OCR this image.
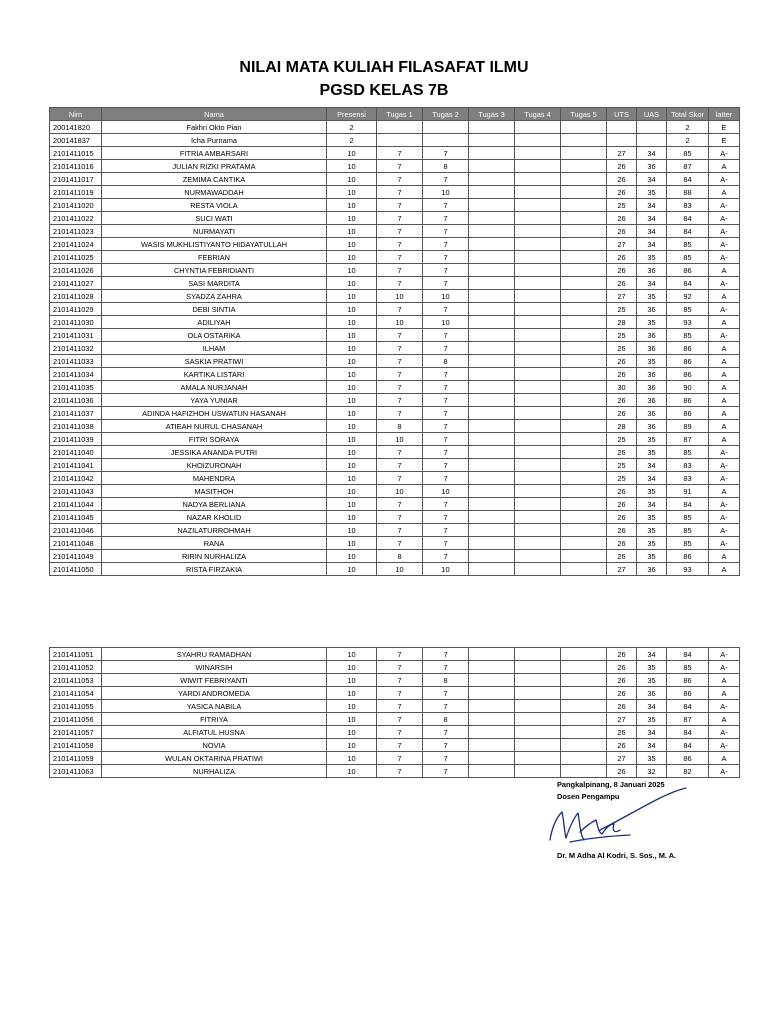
NILAI MATA KULIAH FILASAFAT ILMU
PGSD KELAS 7B
Nim	Nama	Presensi	Tugas 1	Tugas 2	Tugas 3	Tugas 4	Tugas 5	UTS	UAS	Total Skor	latter
200141820	Fakhri Okto Pian	2								2	E
200141837	Icha Purnama	2								2	E
2101411015	FITRIA AMBARSARI	10	7	7				27	34	85	A-
2101411016	JULIAN RIZKI PRATAMA	10	7	8				26	36	87	A
2101411017	ZEMIMA CANTIKA	10	7	7				26	34	84	A-
2101411019	NURMAWADDAH	10	7	10				26	35	88	A
2101411020	RESTA VIOLA	10	7	7				25	34	83	A-
2101411022	SUCI WATI	10	7	7				26	34	84	A-
2101411023	NURMAYATI	10	7	7				26	34	84	A-
2101411024	WASIS MUKHLISTIYANTO HIDAYATULLAH	10	7	7				27	34	85	A-
2101411025	FEBRIAN	10	7	7				26	35	85	A-
2101411026	CHYNTIA FEBRIDIANTI	10	7	7				26	36	86	A
2101411027	SASI MARDITA	10	7	7				26	34	84	A-
2101411028	SYADZA ZAHRA	10	10	10				27	35	92	A
2101411029	DEBI SINTIA	10	7	7				25	36	85	A-
2101411030	ADILIYAH	10	10	10				28	35	93	A
2101411031	OLA OSTARIKA	10	7	7				25	36	85	A-
2101411032	ILHAM	10	7	7				26	36	86	A
2101411033	SASKIA PRATIWI	10	7	8				26	35	86	A
2101411034	KARTIKA LISTARI	10	7	7				26	36	86	A
2101411035	AMALA NURJANAH	10	7	7				30	36	90	A
2101411036	YAYA YUNIAR	10	7	7				26	36	86	A
2101411037	ADINDA HAFIZHOH USWATUN HASANAH	10	7	7				26	36	86	A
2101411038	ATIEAH NURUL CHASANAH	10	8	7				28	36	89	A
2101411039	FITRI SORAYA	10	10	7				25	35	87	A
2101411040	JESSIKA ANANDA PUTRI	10	7	7				26	35	85	A-
2101411041	KHOIZURONAH	10	7	7				25	34	83	A-
2101411042	MAHENDRA	10	7	7				25	34	83	A-
2101411043	MASITHOH	10	10	10				26	35	91	A
2101411044	NADYA BERLIANA	10	7	7				26	34	84	A-
2101411045	NAZAR KHOLID	10	7	7				26	35	85	A-
2101411046	NAZILATURROHMAH	10	7	7				26	35	85	A-
2101411048	RANA	10	7	7				26	35	85	A-
2101411049	RIRIN NURHALIZA	10	8	7				26	35	86	A
2101411050	RISTA FIRZAKIA	10	10	10				27	36	93	A
2101411051	SYAHRU RAMADHAN	10	7	7				26	34	84	A-
2101411052	WINARSIH	10	7	7				26	35	85	A-
2101411053	WIWIT FEBRIYANTI	10	7	8				26	35	86	A
2101411054	YARDI ANDROMEDA	10	7	7				26	36	86	A
2101411055	YASICA NABILA	10	7	7				26	34	84	A-
2101411056	FITRIYA	10	7	8				27	35	87	A
2101411057	ALFIATUL HUSNA	10	7	7				26	34	84	A-
2101411058	NOVIA	10	7	7				26	34	84	A-
2101411059	WULAN OKTARINA PRATIWI	10	7	7				27	35	86	A
2101411063	NURHALIZA	10	7	7				26	32	82	A-
Pangkalpinang, 8 Januari 2025
Dosen Pengampu
Dr. M Adha Al Kodri, S. Sos., M. A.
